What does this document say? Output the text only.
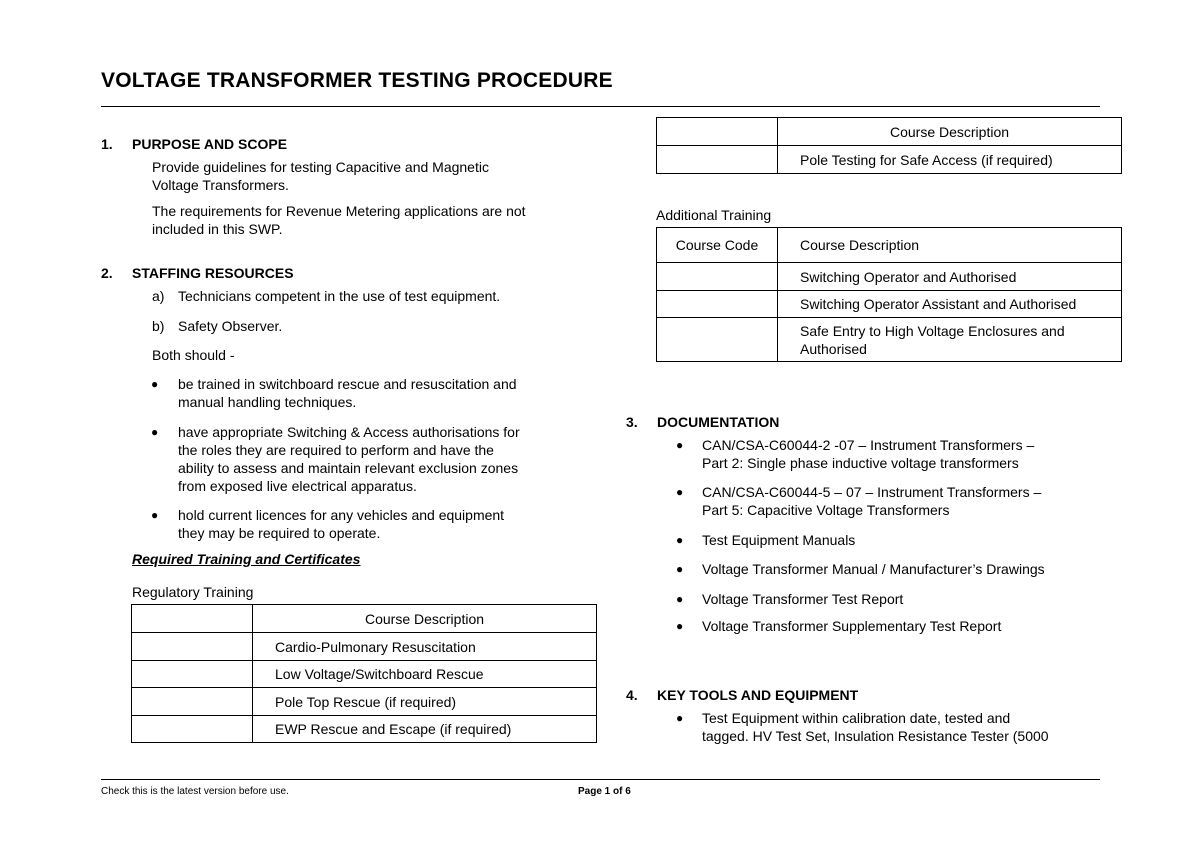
VOLTAGE TRANSFORMER TESTING PROCEDURE
1. PURPOSE AND SCOPE
Provide guidelines for testing Capacitive and Magnetic
Voltage Transformers.
The requirements for Revenue Metering applications are not
included in this SWP.
2. STAFFING RESOURCES
a) Technicians competent in the use of test equipment.
b) Safety Observer.
Both should -
● be trained in switchboard rescue and resuscitation and
manual handling techniques.
● have appropriate Switching & Access authorisations for
the roles they are required to perform and have the
ability to assess and maintain relevant exclusion zones
from exposed live electrical apparatus.
● hold current licences for any vehicles and equipment
they may be required to operate.
Required Training and Certificates
Regulatory Training
	Course Description
	Cardio-Pulmonary Resuscitation
	Low Voltage/Switchboard Rescue
	Pole Top Rescue (if required)
	EWP Rescue and Escape (if required)
	Course Description
	Pole Testing for Safe Access (if required)
Additional Training
Course Code	Course Description
	Switching Operator and Authorised
	Switching Operator Assistant and Authorised

	Safe Entry to High Voltage Enclosures and
Authorised
3. DOCUMENTATION
● CAN/CSA-C60044-2 -07 – Instrument Transformers –
Part 2: Single phase inductive voltage transformers
● CAN/CSA-C60044-5 – 07 – Instrument Transformers –
Part 5: Capacitive Voltage Transformers
● Test Equipment Manuals
● Voltage Transformer Manual / Manufacturer’s Drawings
● Voltage Transformer Test Report
● Voltage Transformer Supplementary Test Report
4. KEY TOOLS AND EQUIPMENT
● Test Equipment within calibration date, tested and
tagged. HV Test Set, Insulation Resistance Tester (5000
Check this is the latest version before use.	Page 1 of 6
